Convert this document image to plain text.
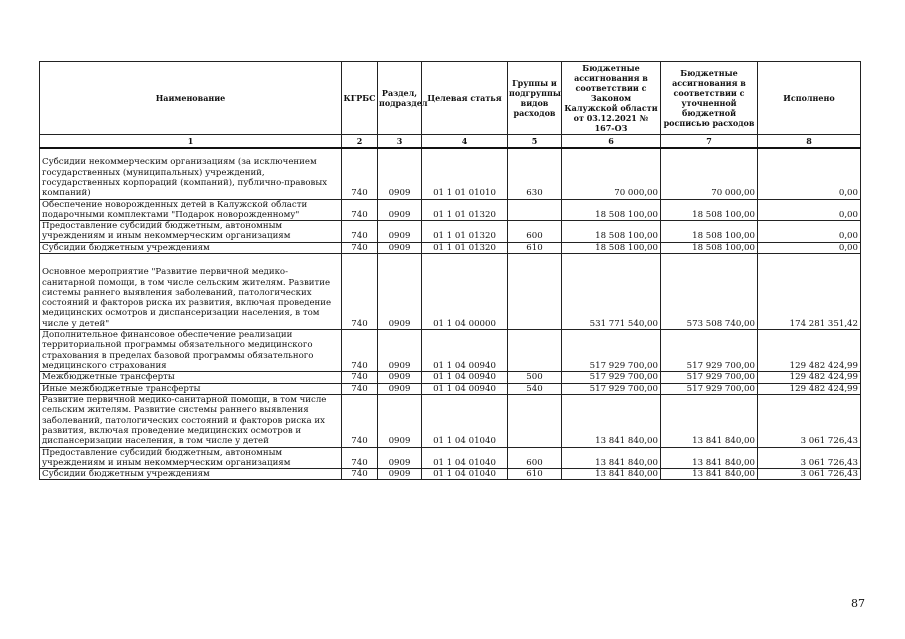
Наименование	КГРБС	Раздел, подраздел	Целевая статья	Группы и подгруппы видов расходов	Бюджетные ассигнования в соответствии с Законом Калужской области от 03.12.2021 № 167-ОЗ	Бюджетные ассигнования в соответствии с уточненной бюджетной росписью расходов	Исполнено
1	2	3	4	5	6	7	8
Субсидии некоммерческим организациям (за исключением государственных (муниципальных) учреждений, государственных корпораций (компаний), публично-правовых компаний)	740	0909	01 1 01 01010	630	70 000,00	70 000,00	0,00
Обеспечение новорожденных детей в Калужской области подарочными комплектами "Подарок новорожденному"	740	0909	01 1 01 01320		18 508 100,00	18 508 100,00	0,00
Предоставление субсидий бюджетным, автономным учреждениям и иным некоммерческим организациям	740	0909	01 1 01 01320	600	18 508 100,00	18 508 100,00	0,00
Субсидии бюджетным учреждениям	740	0909	01 1 01 01320	610	18 508 100,00	18 508 100,00	0,00
Основное мероприятие "Развитие первичной медико-санитарной помощи, в том числе сельским жителям. Развитие системы раннего выявления заболеваний, патологических состояний и факторов риска их развития, включая проведение медицинских осмотров и диспансеризации населения, в том числе у детей"	740	0909	01 1 04 00000		531 771 540,00	573 508 740,00	174 281 351,42
Дополнительное финансовое обеспечение реализации территориальной программы обязательного медицинского страхования в пределах базовой программы обязательного медицинского страхования	740	0909	01 1 04 00940		517 929 700,00	517 929 700,00	129 482 424,99
Межбюджетные трансферты	740	0909	01 1 04 00940	500	517 929 700,00	517 929 700,00	129 482 424,99
Иные межбюджетные трансферты	740	0909	01 1 04 00940	540	517 929 700,00	517 929 700,00	129 482 424,99
Развитие первичной медико-санитарной помощи, в том числе сельским жителям. Развитие системы раннего выявления заболеваний, патологических состояний и факторов риска их развития, включая проведение медицинских осмотров и диспансеризации населения, в том числе у детей	740	0909	01 1 04 01040		13 841 840,00	13 841 840,00	3 061 726,43
Предоставление субсидий бюджетным, автономным учреждениям и иным некоммерческим организациям	740	0909	01 1 04 01040	600	13 841 840,00	13 841 840,00	3 061 726,43
Субсидии бюджетным учреждениям	740	0909	01 1 04 01040	610	13 841 840,00	13 841 840,00	3 061 726,43
87
